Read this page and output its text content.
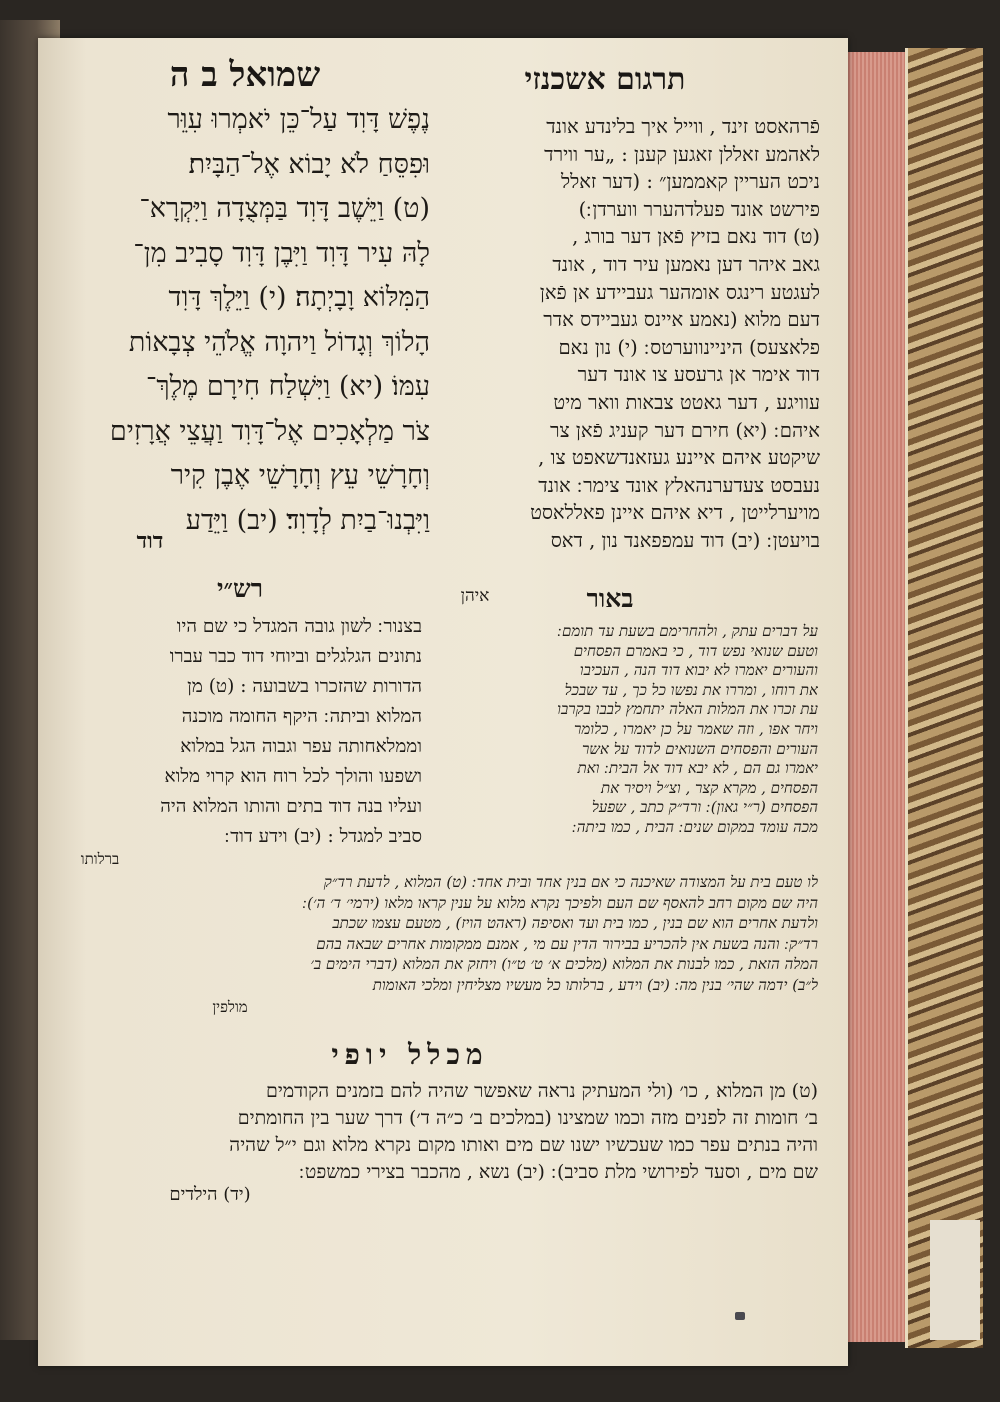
תרגום אשכנזי
שמואל ב ה
נֶפֶשׁ דָּוִד עַל־כֵּן יֹאמְרוּ עִוֵּר
וּפִסֵּחַ לֹא יָבוֹא אֶל־הַבָּיִת׃
(ט) וַיֵּשֶׁב דָּוִד בַּמְּצֻדָה וַיִּקְרָא־
לָהּ עִיר דָּוִד וַיִּבֶן דָּוִד סָבִיב מִן־
הַמִּלּוֹא וָבָיְתָה׃ (י) וַיֵּלֶךְ דָּוִד
הָלוֹךְ וְגָדוֹל וַיהוָה אֱלֹהֵי צְבָאוֹת
עִמּוֹ׃ (יא) וַיִּשְׁלַח חִירָם מֶלֶךְ־
צֹר מַלְאָכִים אֶל־דָּוִד וַעֲצֵי אֲרָזִים
וְחָרָשֵׁי עֵץ וְחָרָשֵׁי אֶבֶן קִיר
וַיִּבְנוּ־בַיִת לְדָוִד׃ (יב) וַיֵּדַע
דוד
פֿרהאסט זינד , ווייל איך בלינדע אונד
לאהמע זאללן זאגען קענן : „ער ווירד
ניכט העריין קאממען״ : (דער זאלל
פירשט אונד פעלדהערר ווערדן ׃)
(ט) דוד נאם בזיץ פֿאן דער בורג ,
גאב איהר דען נאמען עיר דוד , אונד
לעגטע רינגס אומהער געביידע אן פֿאן
דעם מלוא (נאמע איינס געביידס אדר
פלאצעס) היניינווערטס ׃ (י) נון נאם
דוד אימר אן גרעסע צו אונד דער
עוויגע , דער גאטט צבאות וואר מיט
איהם ׃ (יא) חירם דער קעניג פֿאן צר
שיקטע איהם איינע געזאנדשאפט צו ,
נעבסט צעדערנהאלץ אונד צימר ׃ אונד
מויערלייטן , דיא איהם איינן פאללאסט
בויעטן ׃ (יב) דוד עמפפאנד נון , דאס
איהן
רש״י
בצנור ׃ לשון גובה המגדל כי שם היו
נתונים הגלגלים וביוחי דוד כבר עברו
הדורות שהזכרו בשבועה : (ט) מן
המלוא וביתה ׃ היקף החומה מוכנה
וממלאחותה עפר וגבוה הגל במלוא
ושפעו והולך לכל רוח הוא קרוי מלוא
ועליו בנה דוד בתים והותו המלוא היה
סביב למגדל : (יב) וידע דוד ׃
ברלותו
באור
על דברים עתק , ולהחרימם בשעת עד תומם ׃
וטעם שנואי נפש דוד , כי באמרם הפסחים
והעורים יאמרו לא יבוא דוד הנה , העכיבו
את רוחו , ומררו את נפשו כל כך , עד שבכל
עת זכרו את המלות האלה יתחמץ לבבו בקרבו
ויחר אפו , וזה שאמר על כן יאמרו , כלומר
העורים והפסחים השנואים לדוד על אשר
יאמרו גם הם , לא יבא דוד אל הבית ׃ ואת
הפסחים , מקרא קצר , וצ״ל ויסיר את
הפסחים (ר״י גאון) ׃ ורד״ק כתב , שפעל
מכה עומד במקום שנים ׃ הבית , כמו ביתה ׃
לו טעם בית על המצודה שאיכנה כי אם בנין אחד ובית אחד ׃ (ט) המלוא , לדעת רד״ק
היה שם מקום רחב להאסף שם העם ולפיכך נקרא מלוא על ענין קראו מלאו (ירמי׳ ד׳ ה׳) ׃
ולדעת אחרים הוא שם בנין , כמו בית ועד ואסיפה (ראהט הויז) , מטעם עצמו שכתב
רד״ק ׃ והנה בשעת אין להכריע בבירור הדין עם מי , אמנם ממקומות אחרים שבאה בהם
המלה הזאת , כמו לבנות את המלוא (מלכים א׳ ט׳ ט״ו) ויחזק את המלוא (דברי הימים ב׳
ל״ב) ידמה שהי׳ בנין מה ׃ (יב) וידע , ברלותו כל מעשיו מצליחין ומלכי האומות
מולפין
מכלל יופי
(ט) מן המלוא , כו׳ (ולי המעתיק נראה שאפשר שהיה להם בזמנים הקודמים
ב׳ חומות זה לפנים מזה וכמו שמצינו (במלכים ב׳ כ״ה ד׳) דרך שער בין החומתים
והיה בנתים עפר כמו שעכשיו ישנו שם מים ואותו מקום נקרא מלוא וגם י״ל שהיה
שם מים , וסעד לפירושי מלת סביב) ׃ (יב) נשא , מהכבר בצירי כמשפט ׃
(יד) הילדים
